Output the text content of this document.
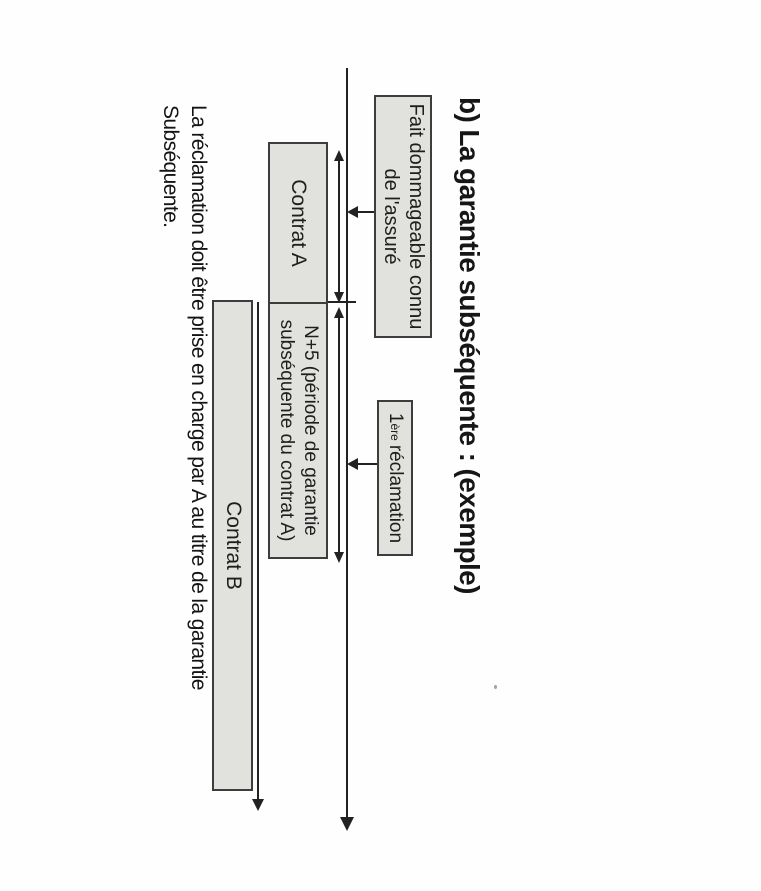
b) La garantie subséquente : (exemple)
Fait dommageable connu
de l'assuré
1
ère
réclamation
Contrat A
N+5 (période de garantie
subséquente du contrat A)
Contrat B
La réclamation doit être prise en charge par A au titre de la garantie
Subséquente.
